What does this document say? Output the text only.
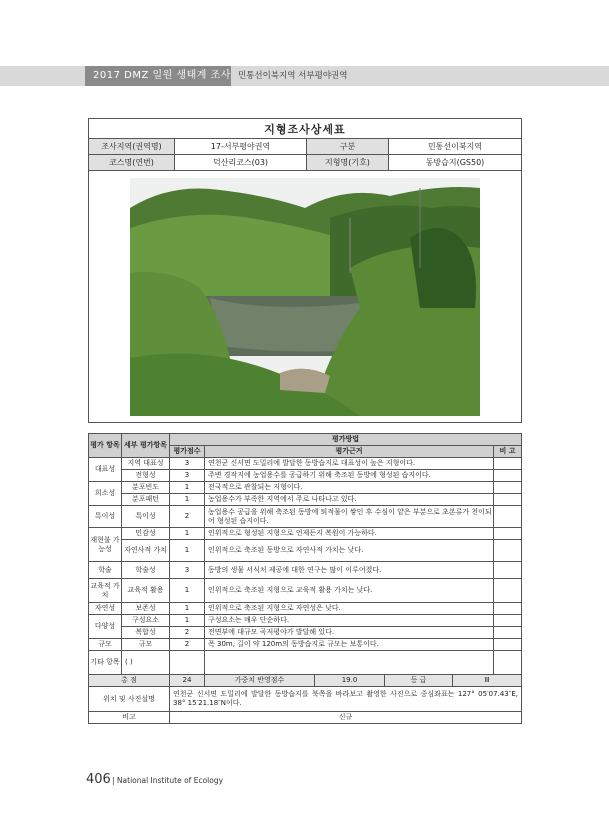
2017 DMZ 일원 생태계 조사 민통선이북지역 서부평야권역
지형조사상세표			
조사지역(권역명)	17-서부평야권역	구분	민통선이북지역
코스명(연번)	덕산리코스(03)	지형명(기호)	동방습지(GS50)

평가 항목	세부 평가항목	평가방법		
		평가점수	평가근거	비 고
대표성	지역 대표성	3	연천군 신서면 도밀리에 발달한 동방습지로 대표성이 높은 지형이다.	
	전형성	3	주변 경작지에 농업용수를 공급하기 위해 축조된 동방에 형성된 습지이다.	
희소성	분포빈도	1	전국적으로 관찰되는 지형이다.	
	분포패턴	1	농업용수가 부족한 지역에서 주로 나타나고 있다.	
특이성	특이성	2	농업용수 공급을 위해 축조된 동방에 퇴적물이 쌓인 후 수심이 얕은 부분으로 초본류가 천이되어 형성된 습지이다.	
재현불 가능성	민감성	1	인위적으로 형성된 지형으로 언제든지 복원이 가능하다.	
	자연사적 가치	1	인위적으로 축조된 동방으로 자연사적 가치는 낮다.	
학술	학술성	3	동방의 생물 서식처 제공에 대한 연구는 많이 이루어졌다.	
교육적 가치	교육적 활용	1	인위적으로 축조된 지형으로 교육적 활용 가치는 낮다.	
자연성	보존성	1	인위적으로 축조된 지형으로 자연성은 낮다.	
다양성	구성요소	1	구성요소는 매우 단순하다.	
	복합성	2	전면부에 대규모 곡저평야가 발달해 있다.	
규모	규모	2	폭 30m, 길이 약 120m의 동방습지로 규모는 보통이다.	
기타 항목	( )			
총 점	24	가중치 반영점수	19.0	등 급	Ⅲ
위치 및 사진설명	연천군 신서면 도밀리에 발달한 동방습지를 북쪽을 바라보고 촬영한 사진으로 중심좌표는 127° 05′07.43″E, 38° 15′21.18″N이다.
비고	신규
406 | National Institute of Ecology
